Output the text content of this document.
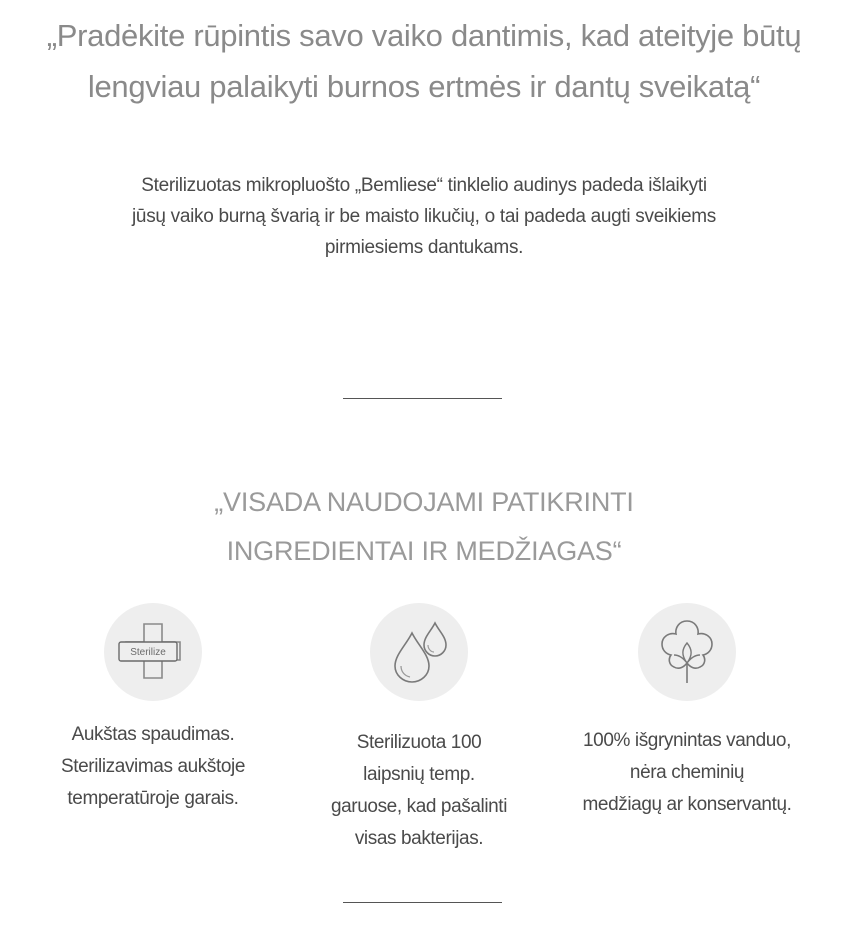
„Pradėkite rūpintis savo vaiko dantimis, kad ateityje būtų
lengviau palaikyti burnos ertmės ir dantų sveikatą“
Sterilizuotas mikropluošto „Bemliese“ tinklelio audinys padeda išlaikyti
jūsų vaiko burną švarią ir be maisto likučių, o tai padeda augti sveikiems
pirmiesiems dantukams.
„VISADA NAUDOJAMI PATIKRINTI
INGREDIENTAI IR MEDŽIAGAS“
Sterilize
Aukštas spaudimas.
Sterilizavimas aukštoje
temperatūroje garais.
Sterilizuota 100
laipsnių temp.
garuose, kad pašalinti
visas bakterijas.
100% išgrynintas vanduo,
nėra cheminių
medžiagų ar konservantų.
